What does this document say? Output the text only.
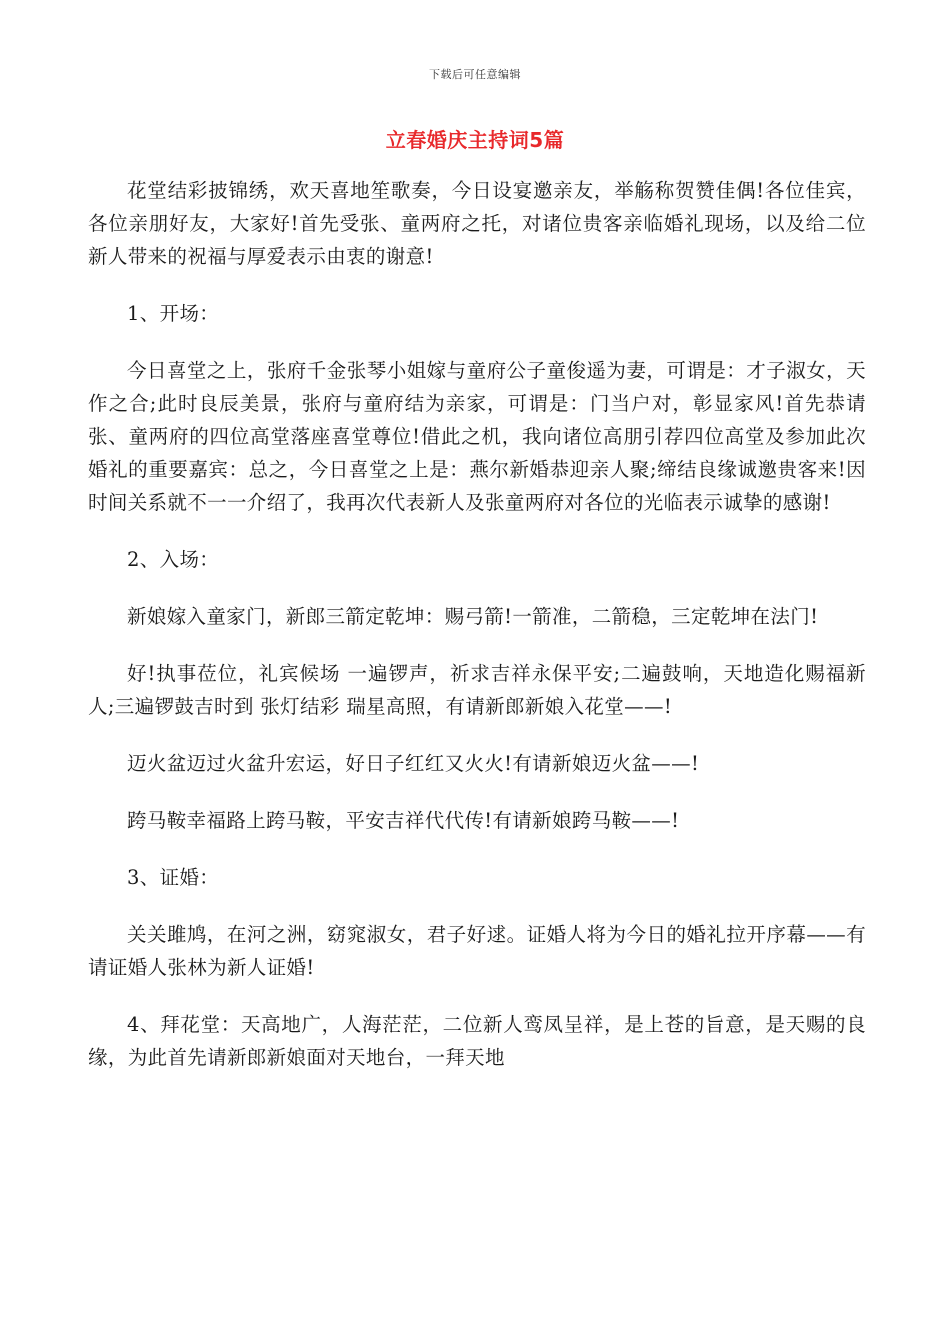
下载后可任意编辑
立春婚庆主持词5篇

花堂结彩披锦绣，欢天喜地笙歌奏，今日设宴邀亲友，举觞称贺赞佳偶!各位佳宾，各位亲朋好友，大家好!首先受张、童两府之托，对诸位贵客亲临婚礼现场，以及给二位新人带来的祝福与厚爱表示由衷的谢意!

1、开场：

今日喜堂之上，张府千金张琴小姐嫁与童府公子童俊遥为妻，可谓是：才子淑女，天作之合;此时良辰美景，张府与童府结为亲家，可谓是：门当户对，彰显家风!首先恭请张、童两府的四位高堂落座喜堂尊位!借此之机，我向诸位高朋引荐四位高堂及参加此次婚礼的重要嘉宾：总之，今日喜堂之上是：燕尔新婚恭迎亲人聚;缔结良缘诚邀贵客来!因时间关系就不一一介绍了，我再次代表新人及张童两府对各位的光临表示诚挚的感谢!

2、入场：

新娘嫁入童家门，新郎三箭定乾坤：赐弓箭!一箭准，二箭稳，三定乾坤在法门!

好!执事莅位，礼宾候场 一遍锣声，祈求吉祥永保平安;二遍鼓响，天地造化赐福新人;三遍锣鼓吉时到 张灯结彩 瑞星高照，有请新郎新娘入花堂——!

迈火盆迈过火盆升宏运，好日子红红又火火!有请新娘迈火盆——!

跨马鞍幸福路上跨马鞍，平安吉祥代代传!有请新娘跨马鞍——!

3、证婚：

关关雎鸠，在河之洲，窈窕淑女，君子好逑。证婚人将为今日的婚礼拉开序幕——有请证婚人张林为新人证婚!

4、拜花堂：天高地广，人海茫茫，二位新人鸾凤呈祥，是上苍的旨意，是天赐的良缘，为此首先请新郎新娘面对天地台，一拜天地
